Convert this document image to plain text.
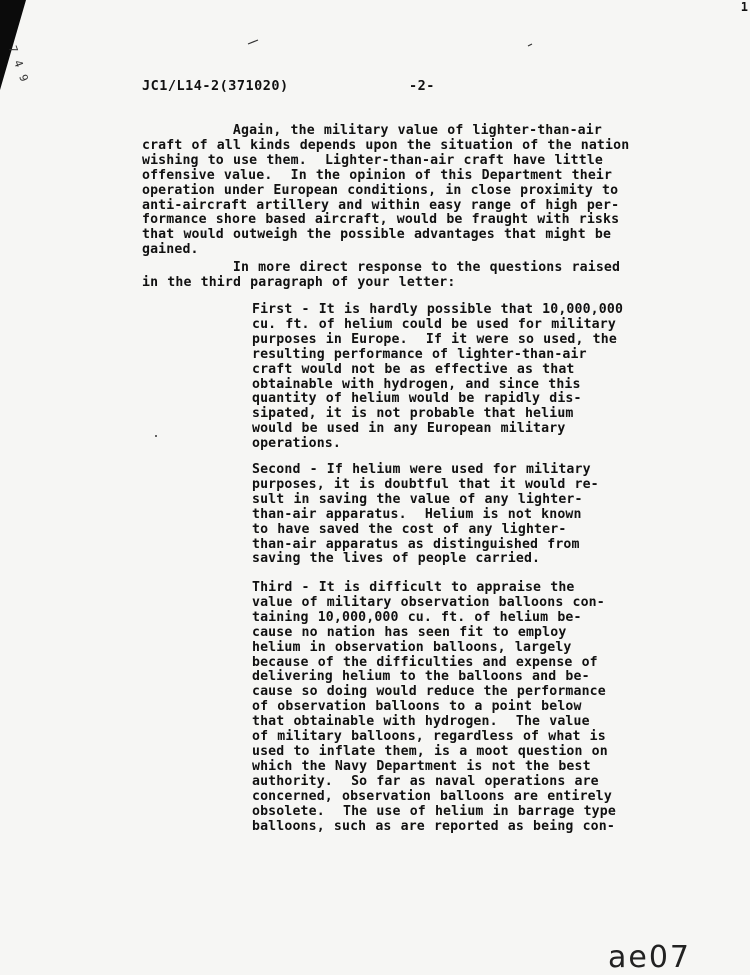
7 4 9
1
JC1/L14-2(371020)	-2-
Again, the military value of lighter-than-air
craft of all kinds depends upon the situation of the nation
wishing to use them.  Lighter-than-air craft have little
offensive value.  In the opinion of this Department their
operation under European conditions, in close proximity to
anti-aircraft artillery and within easy range of high per-
formance shore based aircraft, would be fraught with risks
that would outweigh the possible advantages that might be
gained.
In more direct response to the questions raised
in the third paragraph of your letter:
First - It is hardly possible that 10,000,000
cu. ft. of helium could be used for military
purposes in Europe.  If it were so used, the
resulting performance of lighter-than-air
craft would not be as effective as that
obtainable with hydrogen, and since this
quantity of helium would be rapidly dis-
sipated, it is not probable that helium
would be used in any European military
operations.
Second - If helium were used for military
purposes, it is doubtful that it would re-
sult in saving the value of any lighter-
than-air apparatus.  Helium is not known
to have saved the cost of any lighter-
than-air apparatus as distinguished from
saving the lives of people carried.
Third - It is difficult to appraise the
value of military observation balloons con-
taining 10,000,000 cu. ft. of helium be-
cause no nation has seen fit to employ
helium in observation balloons, largely
because of the difficulties and expense of
delivering helium to the balloons and be-
cause so doing would reduce the performance
of observation balloons to a point below
that obtainable with hydrogen.  The value
of military balloons, regardless of what is
used to inflate them, is a moot question on
which the Navy Department is not the best
authority.  So far as naval operations are
concerned, observation balloons are entirely
obsolete.  The use of helium in barrage type
balloons, such as are reported as being con-
ae07
